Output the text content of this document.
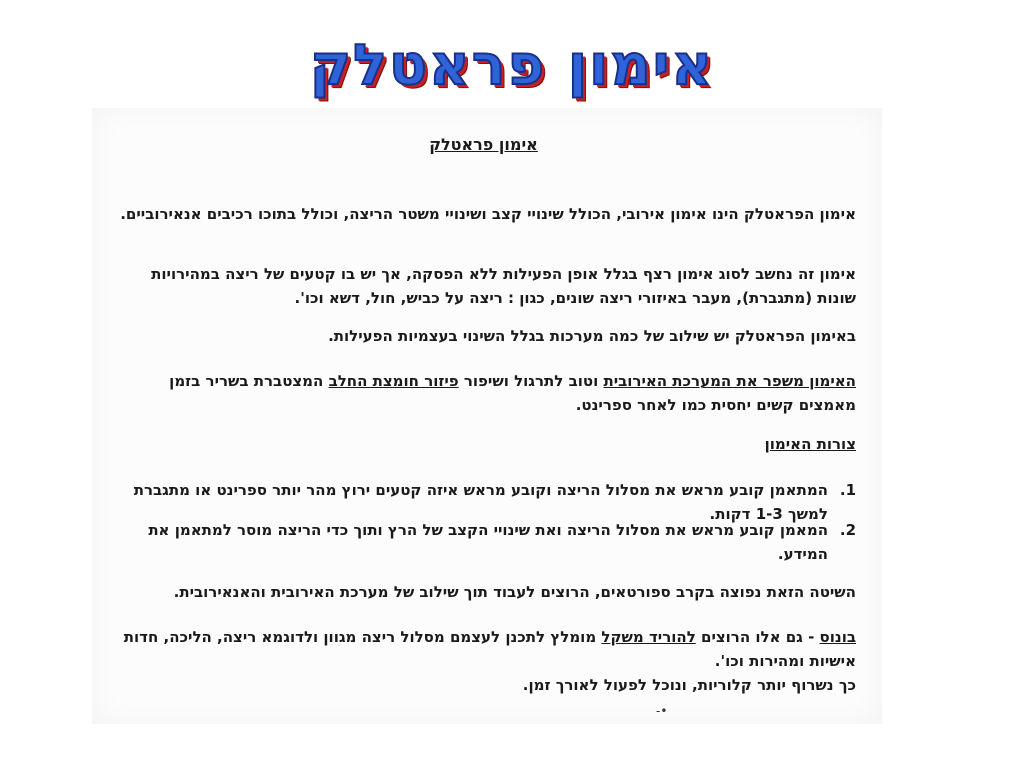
אימון פראטלק
אימון פראטלק

אימון הפראטלק הינו אימון אירובי, הכולל שינויי קצב ושינויי משטר הריצה, וכולל בתוכו רכיבים אנאירוביים.

אימון זה נחשב לסוג אימון רצף בגלל אופן הפעילות ללא הפסקה, אך יש בו קטעים של ריצה במהירויות שונות (מתגברת), מעבר באיזורי ריצה שונים, כגון : ריצה על כביש, חול, דשא וכו'.

באימון הפראטלק יש שילוב של כמה מערכות בגלל השינוי בעצמיות הפעילות.

האימון משפר את המערכת האירובית וטוב לתרגול ושיפור פיזור חומצת החלב המצטברת בשריר בזמן מאמצים קשים יחסית כמו לאחר ספרינט.

צורות האימון
1.
המתאמן קובע מראש את מסלול הריצה וקובע מראש איזה קטעים ירוץ מהר יותר ספרינט או מתגברת למשך 1-3 דקות.
2.
המאמן קובע מראש את מסלול הריצה ואת שינויי הקצב של הרץ ותוך כדי הריצה מוסר למתאמן את המידע.

השיטה הזאת נפוצה בקרב ספורטאים, הרוצים לעבוד תוך שילוב של מערכת האירובית והאנאירובית.

בונוס - גם אלו הרוצים להוריד משקל מומלץ לתכנן לעצמם מסלול ריצה מגוון ולדוגמא ריצה, הליכה, חדות אישיות ומהירות וכו'.
כך נשרוף יותר קלוריות, ונוכל לפעול לאורך זמן.
